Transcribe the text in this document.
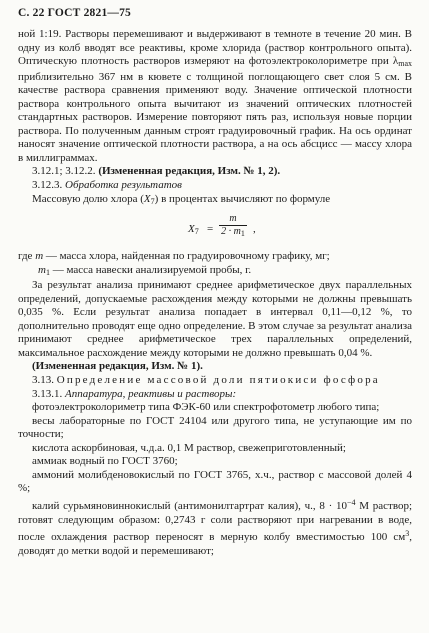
С. 22 ГОСТ 2821—75

ной 1:19. Растворы перемешивают и выдерживают в темноте в течение 20 мин. В одну из колб вводят все реактивы, кроме хлорида (раствор контрольного опыта). Оптическую плотность растворов измеряют на фотоэлектроколориметре при $\lambda_{max}$ приблизительно 367 нм в кювете с толщиной поглощающего свет слоя 5 см. В качестве раствора сравнения применяют воду. Значение оптической плотности раствора контрольного опыта вычитают из значений оптических плотностей стандартных растворов. Измерение повторяют пять раз, используя новые порции раствора. По полученным данным строят градуировочный график. На ось ординат наносят значение оптической плотности раствора, а на ось абсцисс — массу хлора в миллиграммах.

3.12.1; 3.12.2. (Измененная редакция, Изм. № 1, 2).

3.12.3. Обработка результатов

Массовую долю хлора $(X_7)$ в процентах вычисляют по формуле

$X_7$ =
m
$2 \cdot m_1$ ,

где m — масса хлора, найденная по градуировочному графику, мг;

$m_1$ — масса навески анализируемой пробы, г.

За результат анализа принимают среднее арифметическое двух параллельных определений, допускаемые расхождения между которыми не должны превышать 0,035 %. Если результат анализа попадает в интервал 0,11—0,12 %, то дополнительно проводят еще одно определение. В этом случае за результат анализа принимают среднее арифметическое трех параллельных определений, максимальное расхождение между которыми не должно превышать 0,04 %.

(Измененная редакция, Изм. № 1).

3.13. Определение массовой доли пятиокиси фосфора

3.13.1. Аппаратура, реактивы и растворы:

фотоэлектроколориметр типа ФЭК-60 или спектрофотометр любого типа;

весы лабораторные по ГОСТ 24104 или другого типа, не уступающие им по точности;

кислота аскорбиновая, ч.д.а. 0,1 М раствор, свежеприготовленный;

аммиак водный по ГОСТ 3760;

аммоний молибденовокислый по ГОСТ 3765, х.ч., раствор с массовой долей 4 %;

калий сурьмяновиннокислый (антимонилтартрат калия), ч., $8 \cdot 10^{-4}$ М раствор; готовят следующим образом: 0,2743 г соли растворяют при нагревании в воде, после охлаждения раствор переносят в мерную колбу вместимостью 100 $см^3$, доводят до метки водой и перемешивают;
